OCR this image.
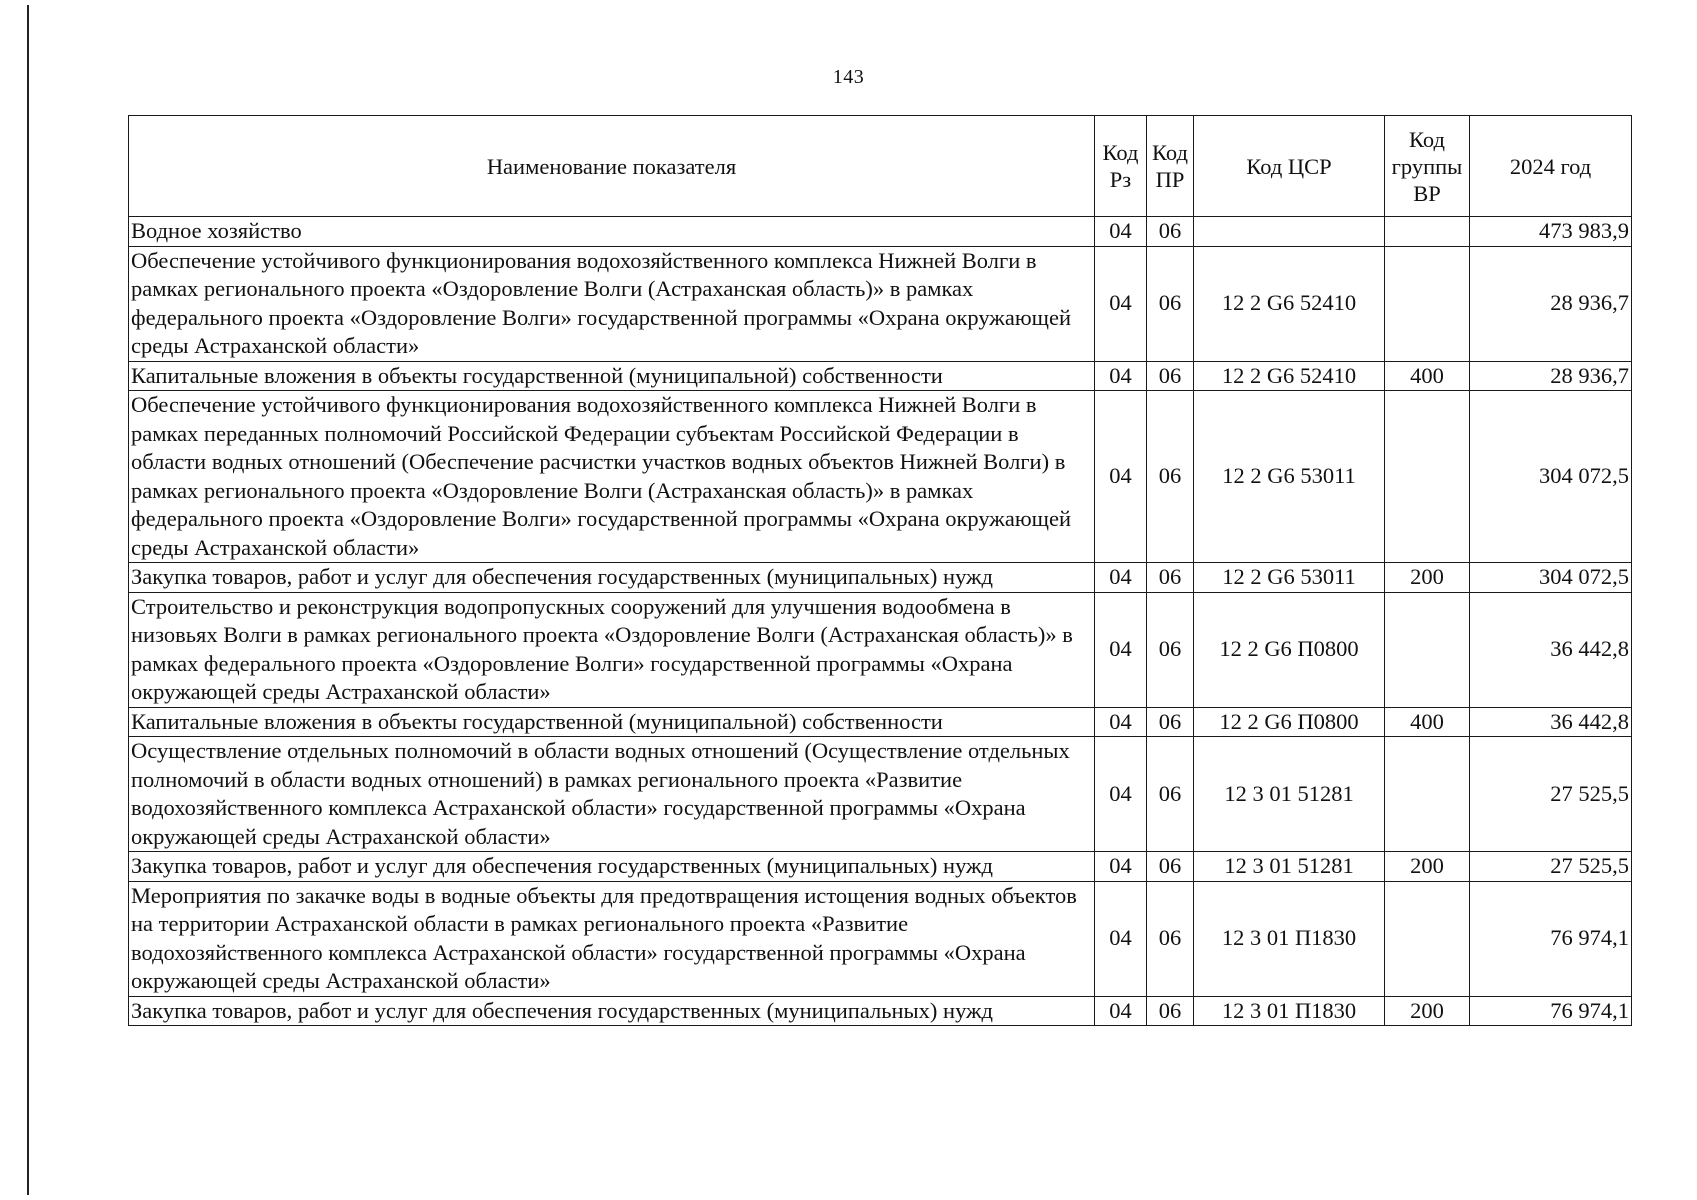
143
Наименование показателя	Код Рз	Код ПР	Код ЦСР	Код группы ВР	2024 год
Водное хозяйство	04	06			473 983,9
Обеспечение устойчивого функционирования водохозяйственного комплекса Нижней Волги в рамках регионального проекта «Оздоровление Волги (Астраханская область)» в рамках федерального проекта «Оздоровление Волги» государственной программы «Охрана окружающей среды Астраханской области»	04	06	12 2 G6 52410		28 936,7
Капитальные вложения в объекты государственной (муниципальной) собственности	04	06	12 2 G6 52410	400	28 936,7
Обеспечение устойчивого функционирования водохозяйственного комплекса Нижней Волги в рамках переданных полномочий Российской Федерации субъектам Российской Федерации в области водных отношений (Обеспечение расчистки участков водных объектов Нижней Волги) в рамках регионального проекта «Оздоровление Волги (Астраханская область)» в рамках федерального проекта «Оздоровление Волги» государственной программы «Охрана окружающей среды Астраханской области»	04	06	12 2 G6 53011		304 072,5
Закупка товаров, работ и услуг для обеспечения государственных (муниципальных) нужд	04	06	12 2 G6 53011	200	304 072,5
Строительство и реконструкция водопропускных сооружений для улучшения водообмена в низовьях Волги в рамках регионального проекта «Оздоровление Волги (Астраханская область)» в рамках федерального проекта «Оздоровление Волги» государственной программы «Охрана окружающей среды Астраханской области»	04	06	12 2 G6 П0800		36 442,8
Капитальные вложения в объекты государственной (муниципальной) собственности	04	06	12 2 G6 П0800	400	36 442,8
Осуществление отдельных полномочий в области водных отношений (Осуществление отдельных полномочий в области водных отношений) в рамках регионального проекта «Развитие водохозяйственного комплекса Астраханской области» государственной программы «Охрана окружающей среды Астраханской области»	04	06	12 3 01 51281		27 525,5
Закупка товаров, работ и услуг для обеспечения государственных (муниципальных) нужд	04	06	12 3 01 51281	200	27 525,5
Мероприятия по закачке воды в водные объекты для предотвращения истощения водных объектов на территории Астраханской области в рамках регионального проекта «Развитие водохозяйственного комплекса Астраханской области» государственной программы «Охрана окружающей среды Астраханской области»	04	06	12 3 01 П1830		76 974,1
Закупка товаров, работ и услуг для обеспечения государственных (муниципальных) нужд	04	06	12 3 01 П1830	200	76 974,1
